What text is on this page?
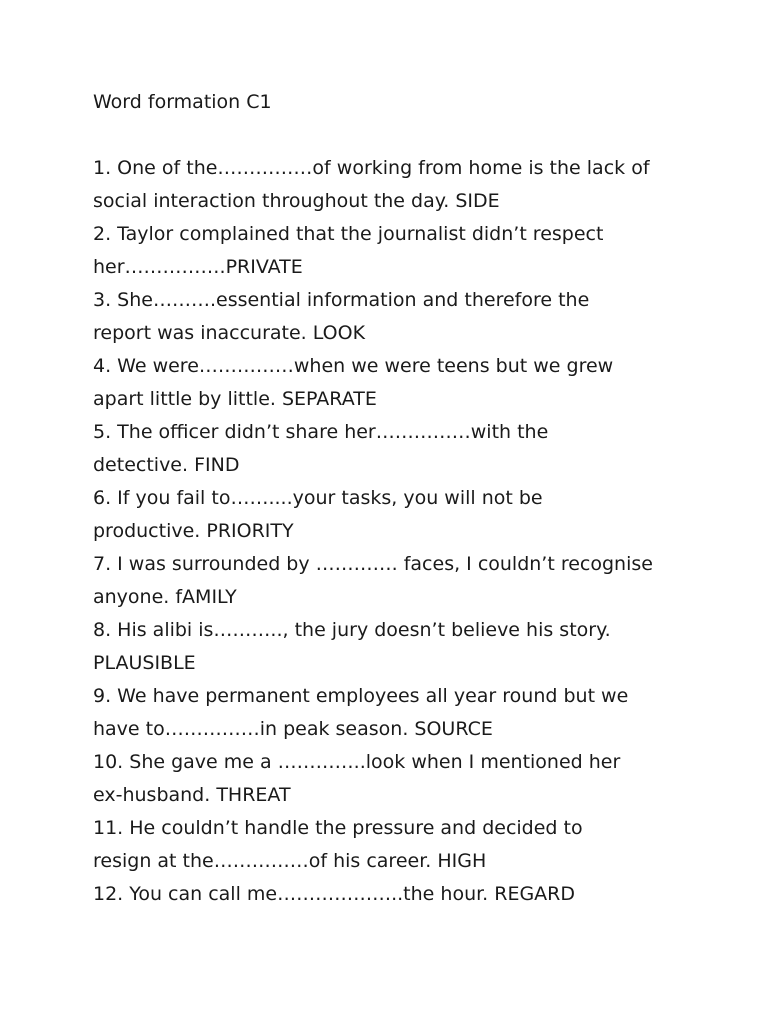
Word formation C1

1. One of the……………of working from home is the lack of

social interaction throughout the day. SIDE

2. Taylor complained that the journalist didn’t respect

her…………….PRIVATE

3. She……….essential information and therefore the

report was inaccurate. LOOK

4. We were……………when we were teens but we grew

apart little by little. SEPARATE

5. The officer didn’t share her……………with the

detective. FIND

6. If you fail to……....your tasks, you will not be

productive. PRIORITY

7. I was surrounded by …………. faces, I couldn’t recognise

anyone. fAMILY

8. His alibi is……….., the jury doesn’t believe his story.

PLAUSIBLE

9. We have permanent employees all year round but we

have to……………in peak season. SOURCE

10. She gave me a …………..look when I mentioned her

ex-husband. THREAT

11. He couldn’t handle the pressure and decided to

resign at the……………of his career. HIGH

12. You can call me………………..the hour. REGARD
